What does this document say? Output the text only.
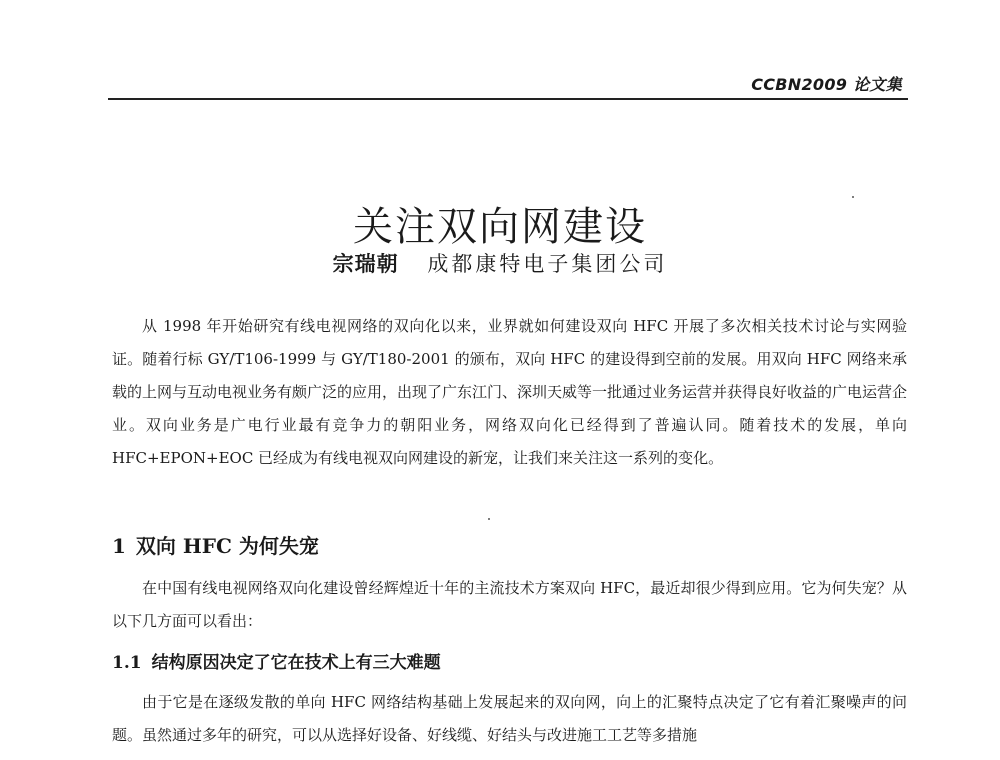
CCBN2009 论文集
关注双向网建设
宗瑞朝 成都康特电子集团公司

从 1998 年开始研究有线电视网络的双向化以来，业界就如何建设双向 HFC 开展了多次相关技术讨论与实网验证。随着行标 GY/T106-1999 与 GY/T180-2001 的颁布，双向 HFC 的建设得到空前的发展。用双向 HFC 网络来承载的上网与互动电视业务有颇广泛的应用，出现了广东江门、深圳天威等一批通过业务运营并获得良好收益的广电运营企业。双向业务是广电行业最有竞争力的朝阳业务，网络双向化已经得到了普遍认同。随着技术的发展，单向 HFC+EPON+EOC 已经成为有线电视双向网建设的新宠，让我们来关注这一系列的变化。

1 双向 HFC 为何失宠

在中国有线电视网络双向化建设曾经辉煌近十年的主流技术方案双向 HFC，最近却很少得到应用。它为何失宠？从以下几方面可以看出：

1.1 结构原因决定了它在技术上有三大难题

由于它是在逐级发散的单向 HFC 网络结构基础上发展起来的双向网，向上的汇聚特点决定了它有着汇聚噪声的问题。虽然通过多年的研究，可以从选择好设备、好线缆、好结头与改进施工工艺等多措施
